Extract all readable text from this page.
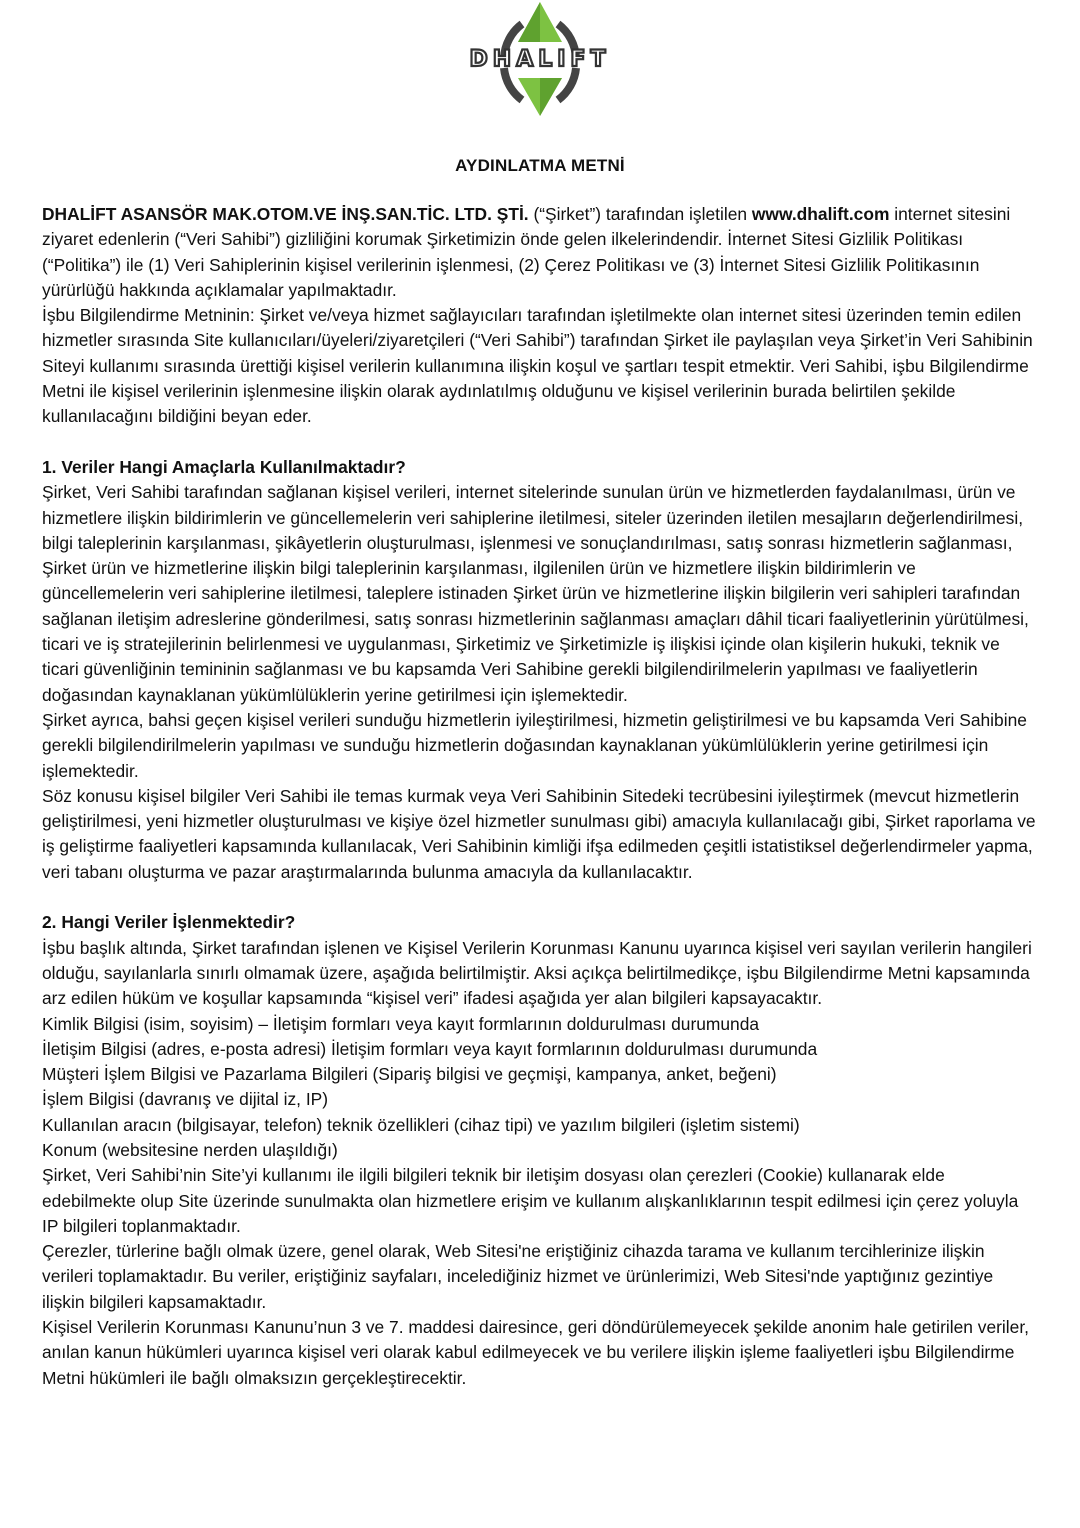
DHALIFT
AYDINLATMA METNİ

DHALİFT ASANSÖR MAK.OTOM.VE İNŞ.SAN.TİC. LTD. ŞTİ. (“Şirket”) tarafından işletilen www.dhalift.com internet sitesini ziyaret edenlerin (“Veri Sahibi”) gizliliğini korumak Şirketimizin önde gelen ilkelerindendir. İnternet Sitesi Gizlilik Politikası (“Politika”) ile (1) Veri Sahiplerinin kişisel verilerinin işlenmesi, (2) Çerez Politikası ve (3) İnternet Sitesi Gizlilik Politikasının yürürlüğü hakkında açıklamalar yapılmaktadır.

İşbu Bilgilendirme Metninin: Şirket ve/veya hizmet sağlayıcıları tarafından işletilmekte olan internet sitesi üzerinden temin edilen hizmetler sırasında Site kullanıcıları/üyeleri/ziyaretçileri (“Veri Sahibi”) tarafından Şirket ile paylaşılan veya Şirket’in Veri Sahibinin Siteyi kullanımı sırasında ürettiği kişisel verilerin kullanımına ilişkin koşul ve şartları tespit etmektir. Veri Sahibi, işbu Bilgilendirme Metni ile kişisel verilerinin işlenmesine ilişkin olarak aydınlatılmış olduğunu ve kişisel verilerinin burada belirtilen şekilde kullanılacağını bildiğini beyan eder.

1. Veriler Hangi Amaçlarla Kullanılmaktadır?

Şirket, Veri Sahibi tarafından sağlanan kişisel verileri, internet sitelerinde sunulan ürün ve hizmetlerden faydalanılması, ürün ve hizmetlere ilişkin bildirimlerin ve güncellemelerin veri sahiplerine iletilmesi, siteler üzerinden iletilen mesajların değerlendirilmesi, bilgi taleplerinin karşılanması, şikâyetlerin oluşturulması, işlenmesi ve sonuçlandırılması, satış sonrası hizmetlerin sağlanması, Şirket ürün ve hizmetlerine ilişkin bilgi taleplerinin karşılanması, ilgilenilen ürün ve hizmetlere ilişkin bildirimlerin ve güncellemelerin veri sahiplerine iletilmesi, taleplere istinaden Şirket ürün ve hizmetlerine ilişkin bilgilerin veri sahipleri tarafından sağlanan iletişim adreslerine gönderilmesi, satış sonrası hizmetlerinin sağlanması amaçları dâhil ticari faaliyetlerinin yürütülmesi, ticari ve iş stratejilerinin belirlenmesi ve uygulanması, Şirketimiz ve Şirketimizle iş ilişkisi içinde olan kişilerin hukuki, teknik ve ticari güvenliğinin temininin sağlanması ve bu kapsamda Veri Sahibine gerekli bilgilendirilmelerin yapılması ve faaliyetlerin doğasından kaynaklanan yükümlülüklerin yerine getirilmesi için işlemektedir.

Şirket ayrıca, bahsi geçen kişisel verileri sunduğu hizmetlerin iyileştirilmesi, hizmetin geliştirilmesi ve bu kapsamda Veri Sahibine gerekli bilgilendirilmelerin yapılması ve sunduğu hizmetlerin doğasından kaynaklanan yükümlülüklerin yerine getirilmesi için işlemektedir.

Söz konusu kişisel bilgiler Veri Sahibi ile temas kurmak veya Veri Sahibinin Sitedeki tecrübesini iyileştirmek (mevcut hizmetlerin geliştirilmesi, yeni hizmetler oluşturulması ve kişiye özel hizmetler sunulması gibi) amacıyla kullanılacağı gibi, Şirket raporlama ve iş geliştirme faaliyetleri kapsamında kullanılacak, Veri Sahibinin kimliği ifşa edilmeden çeşitli istatistiksel değerlendirmeler yapma, veri tabanı oluşturma ve pazar araştırmalarında bulunma amacıyla da kullanılacaktır.

2. Hangi Veriler İşlenmektedir?

İşbu başlık altında, Şirket tarafından işlenen ve Kişisel Verilerin Korunması Kanunu uyarınca kişisel veri sayılan verilerin hangileri olduğu, sayılanlarla sınırlı olmamak üzere, aşağıda belirtilmiştir. Aksi açıkça belirtilmedikçe, işbu Bilgilendirme Metni kapsamında arz edilen hüküm ve koşullar kapsamında “kişisel veri” ifadesi aşağıda yer alan bilgileri kapsayacaktır.

Kimlik Bilgisi (isim, soyisim) – İletişim formları veya kayıt formlarının doldurulması durumunda

İletişim Bilgisi (adres, e-posta adresi) İletişim formları veya kayıt formlarının doldurulması durumunda

Müşteri İşlem Bilgisi ve Pazarlama Bilgileri (Sipariş bilgisi ve geçmişi, kampanya, anket, beğeni)

İşlem Bilgisi (davranış ve dijital iz, IP)

Kullanılan aracın (bilgisayar, telefon) teknik özellikleri (cihaz tipi) ve yazılım bilgileri (işletim sistemi)

Konum (websitesine nerden ulaşıldığı)

Şirket, Veri Sahibi’nin Site’yi kullanımı ile ilgili bilgileri teknik bir iletişim dosyası olan çerezleri (Cookie) kullanarak elde edebilmekte olup Site üzerinde sunulmakta olan hizmetlere erişim ve kullanım alışkanlıklarının tespit edilmesi için çerez yoluyla IP bilgileri toplanmaktadır.

Çerezler, türlerine bağlı olmak üzere, genel olarak, Web Sitesi'ne eriştiğiniz cihazda tarama ve kullanım tercihlerinize ilişkin verileri toplamaktadır. Bu veriler, eriştiğiniz sayfaları, incelediğiniz hizmet ve ürünlerimizi, Web Sitesi'nde yaptığınız gezintiye ilişkin bilgileri kapsamaktadır.

Kişisel Verilerin Korunması Kanunu’nun 3 ve 7. maddesi dairesince, geri döndürülemeyecek şekilde anonim hale getirilen veriler, anılan kanun hükümleri uyarınca kişisel veri olarak kabul edilmeyecek ve bu verilere ilişkin işleme faaliyetleri işbu Bilgilendirme Metni hükümleri ile bağlı olmaksızın gerçekleştirecektir.
